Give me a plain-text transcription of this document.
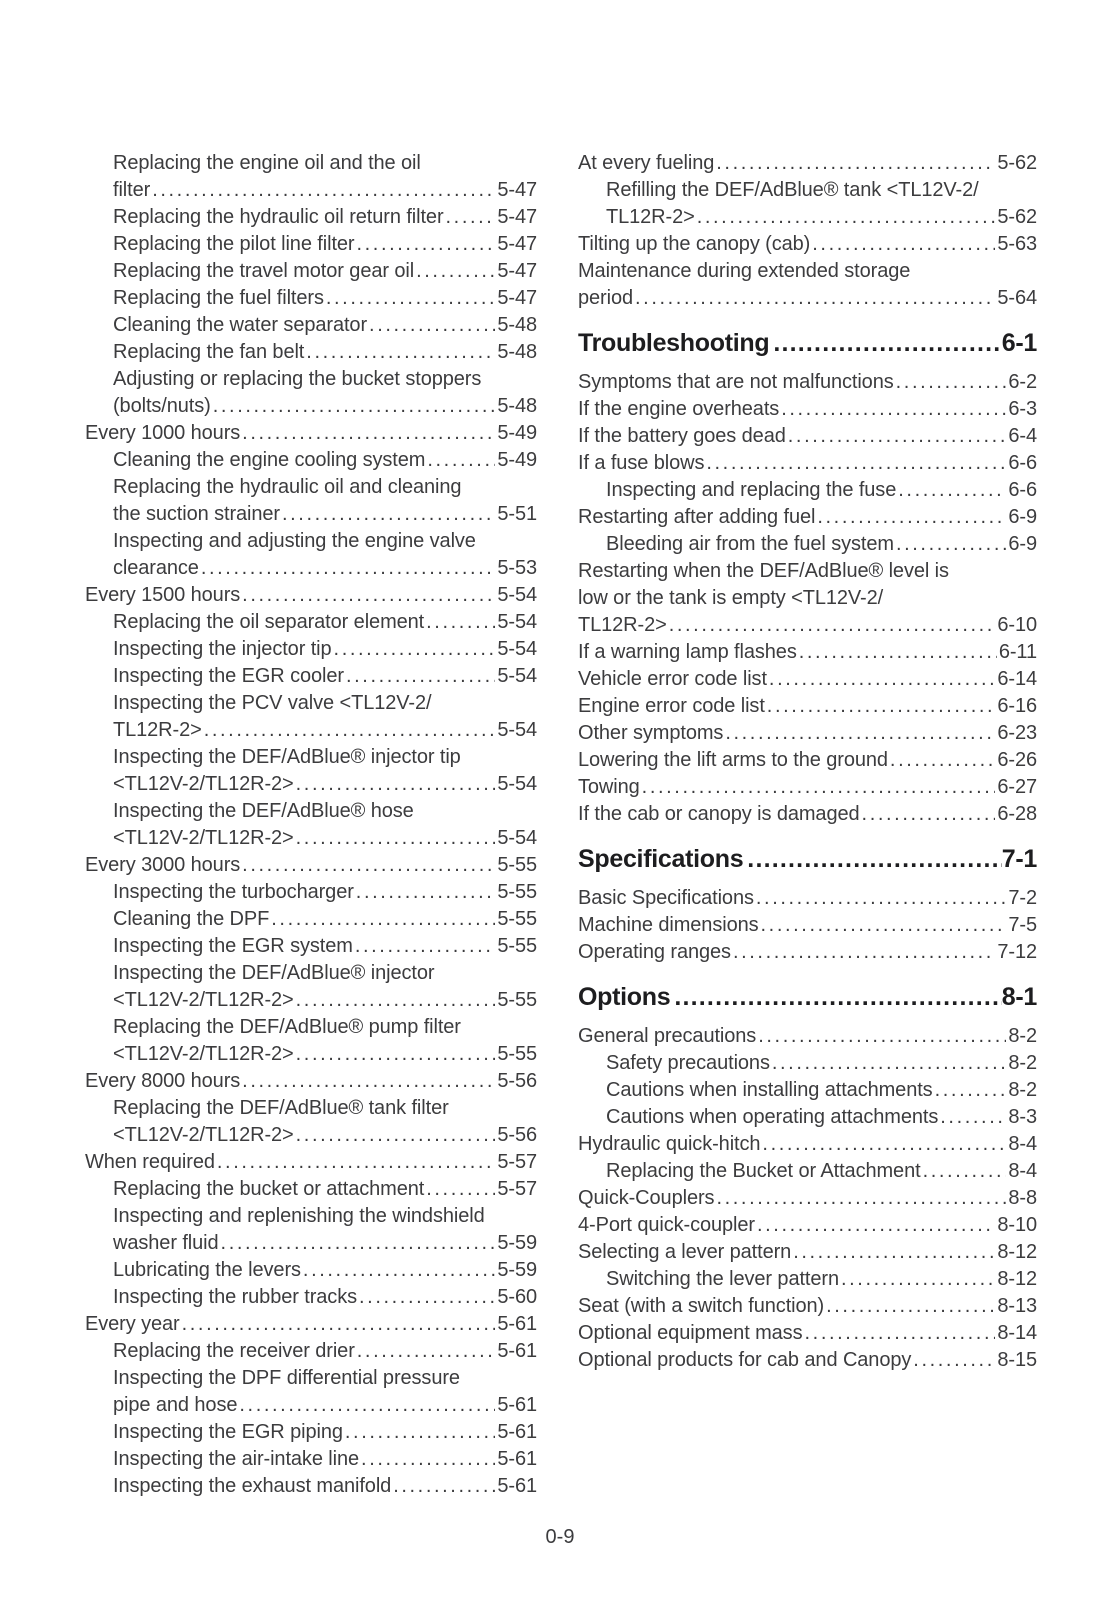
Replacing the engine oil and the oil
filter .....	5-47
Replacing the hydraulic oil return filter .....	5-47
Replacing the pilot line filter .....	5-47
Replacing the travel motor gear oil .....	5-47
Replacing the fuel filters .....	5-47
Cleaning the water separator .....	5-48
Replacing the fan belt .....	5-48
Adjusting or replacing the bucket stoppers
(bolts/nuts) .....	5-48
Every 1000 hours .....	5-49
Cleaning the engine cooling system .....	5-49
Replacing the hydraulic oil and cleaning
the suction strainer .....	5-51
Inspecting and adjusting the engine valve
clearance .....	5-53
Every 1500 hours .....	5-54
Replacing the oil separator element .....	5-54
Inspecting the injector tip .....	5-54
Inspecting the EGR cooler .....	5-54
Inspecting the PCV valve <TL12V-2/
TL12R-2> .....	5-54
Inspecting the DEF/AdBlue® injector tip
<TL12V-2/TL12R-2> .....	5-54
Inspecting the DEF/AdBlue® hose
<TL12V-2/TL12R-2> .....	5-54
Every 3000 hours .....	5-55
Inspecting the turbocharger .....	5-55
Cleaning the DPF .....	5-55
Inspecting the EGR system .....	5-55
Inspecting the DEF/AdBlue® injector
<TL12V-2/TL12R-2> .....	5-55
Replacing the DEF/AdBlue® pump filter
<TL12V-2/TL12R-2> .....	5-55
Every 8000 hours .....	5-56
Replacing the DEF/AdBlue® tank filter
<TL12V-2/TL12R-2> .....	5-56
When required .....	5-57
Replacing the bucket or attachment .....	5-57
Inspecting and replenishing the windshield
washer fluid .....	5-59
Lubricating the levers .....	5-59
Inspecting the rubber tracks .....	5-60
Every year .....	5-61
Replacing the receiver drier .....	5-61
Inspecting the DPF differential pressure
pipe and hose .....	5-61
Inspecting the EGR piping .....	5-61
Inspecting the air-intake line .....	5-61
Inspecting the exhaust manifold .....	5-61
At every fueling .....	5-62
Refilling the DEF/AdBlue® tank <TL12V-2/
TL12R-2> .....	5-62
Tilting up the canopy (cab) .....	5-63
Maintenance during extended storage
period .....	5-64
Troubleshooting .....	6-1
Symptoms that are not malfunctions .....	6-2
If the engine overheats .....	6-3
If the battery goes dead .....	6-4
If a fuse blows .....	6-6
Inspecting and replacing the fuse .....	6-6
Restarting after adding fuel .....	6-9
Bleeding air from the fuel system .....	6-9
Restarting when the DEF/AdBlue® level is
low or the tank is empty <TL12V-2/
TL12R-2> .....	6-10
If a warning lamp flashes .....	6-11
Vehicle error code list .....	6-14
Engine error code list .....	6-16
Other symptoms .....	6-23
Lowering the lift arms to the ground .....	6-26
Towing .....	6-27
If the cab or canopy is damaged .....	6-28
Specifications .....	7-1
Basic Specifications .....	7-2
Machine dimensions .....	7-5
Operating ranges .....	7-12
Options .....	8-1
General precautions .....	8-2
Safety precautions .....	8-2
Cautions when installing attachments .....	8-2
Cautions when operating attachments .....	8-3
Hydraulic quick-hitch .....	8-4
Replacing the Bucket or Attachment .....	8-4
Quick-Couplers .....	8-8
4-Port quick-coupler .....	8-10
Selecting a lever pattern .....	8-12
Switching the lever pattern .....	8-12
Seat (with a switch function) .....	8-13
Optional equipment mass .....	8-14
Optional products for cab and Canopy .....	8-15
0-9
